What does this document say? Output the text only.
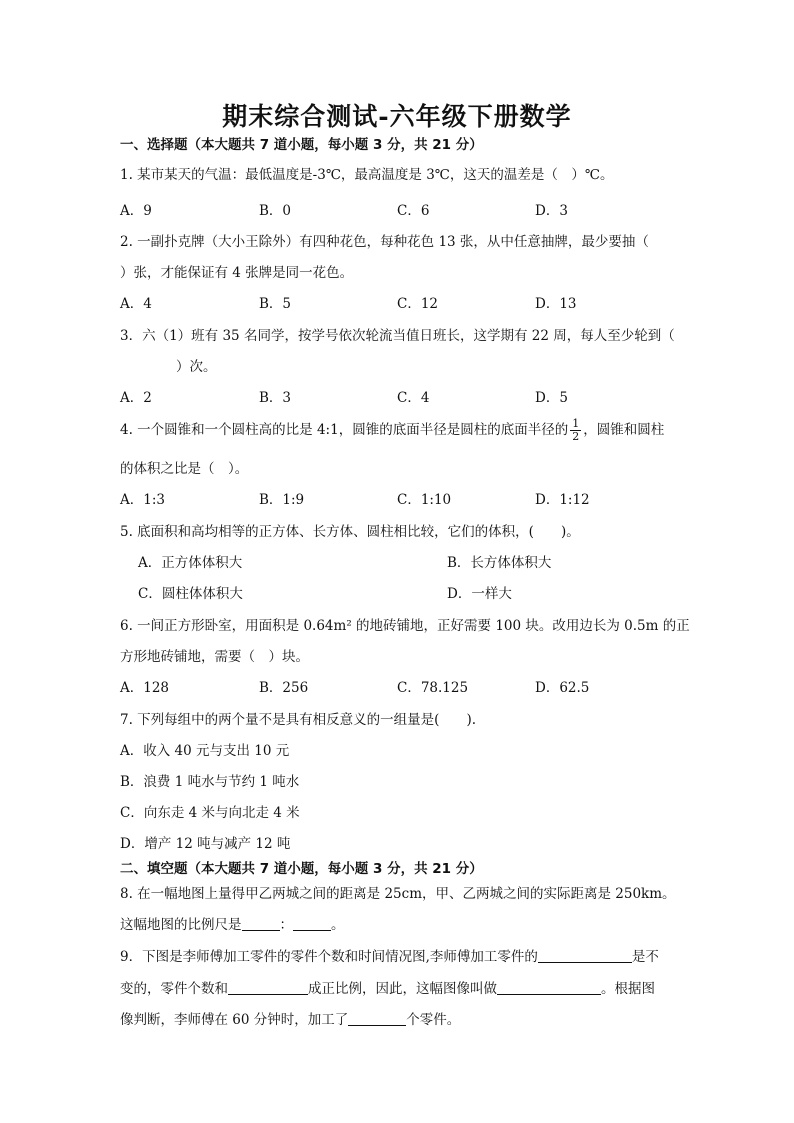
期末综合测试-六年级下册数学
一、选择题（本大题共 7 道小题，每小题 3 分，共 21 分）
1. 某市某天的气温：最低温度是-3℃，最高温度是 3℃，这天的温差是（　）℃。
A．9	B．0	C．6	D．3
2. 一副扑克牌（大小王除外）有四种花色，每种花色 13 张，从中任意抽牌，最少要抽（
）张，才能保证有 4 张牌是同一花色。
A．4	B．5	C．12	D．13
3．六（1）班有 35 名同学，按学号依次轮流当值日班长，这学期有 22 周，每人至少轮到（
）次。
A．2	B．3	C．4	D．5
4. 一个圆锥和一个圆柱高的比是 4:1，圆锥的底面半径是圆柱的底面半径的 $\frac{1}{2}$ ，圆锥和圆柱
的体积之比是（　）。
A．1:3	B．1:9	C．1:10	D．1:12
5. 底面积和高均相等的正方体、长方体、圆柱相比较，它们的体积，(　　)。
A．正方体体积大	B．长方体体积大
C．圆柱体体积大	D．一样大
6. 一间正方形卧室，用面积是 0.64m² 的地砖铺地，正好需要 100 块。改用边长为 0.5m 的正
方形地砖铺地，需要（　）块。
A．128	B．256	C．78.125	D．62.5
7. 下列每组中的两个量不是具有相反意义的一组量是(　　).
A．收入 40 元与支出 10 元
B．浪费 1 吨水与节约 1 吨水
C．向东走 4 米与向北走 4 米
D．增产 12 吨与减产 12 吨
二、填空题（本大题共 7 道小题，每小题 3 分，共 21 分）
8. 在一幅地图上量得甲乙两城之间的距离是 25cm，甲、乙两城之间的实际距离是 250km。
这幅地图的比例尺是	：	。
9．下图是李师傅加工零件的零件个数和时间情况图,李师傅加工零件的	是不
变的，零件个数和	成正比例，因此，这幅图像叫做	。根据图
像判断，李师傅在 60 分钟时，加工了	个零件。
